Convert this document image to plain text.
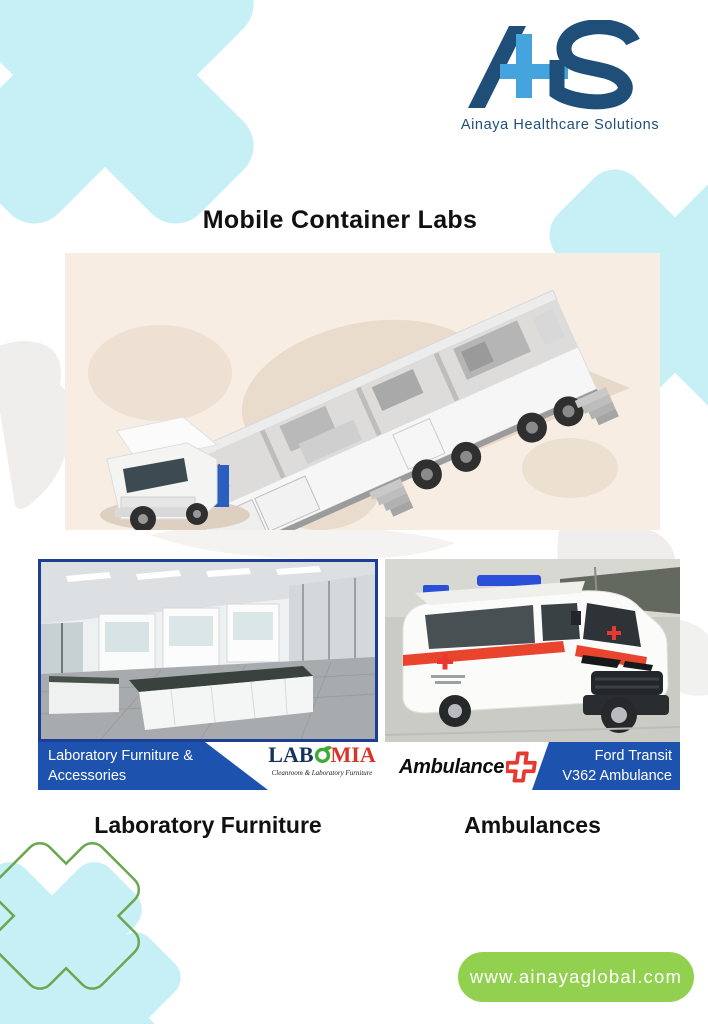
Ainaya Healthcare Solutions
Mobile Container Labs
Laboratory Furniture &
Accessories
LAB MIA
Cleanroom & Laboratory Furniture Ambulance	Ford Transit
V362 Ambulance
Laboratory Furniture	Ambulances
www.ainayaglobal.com
